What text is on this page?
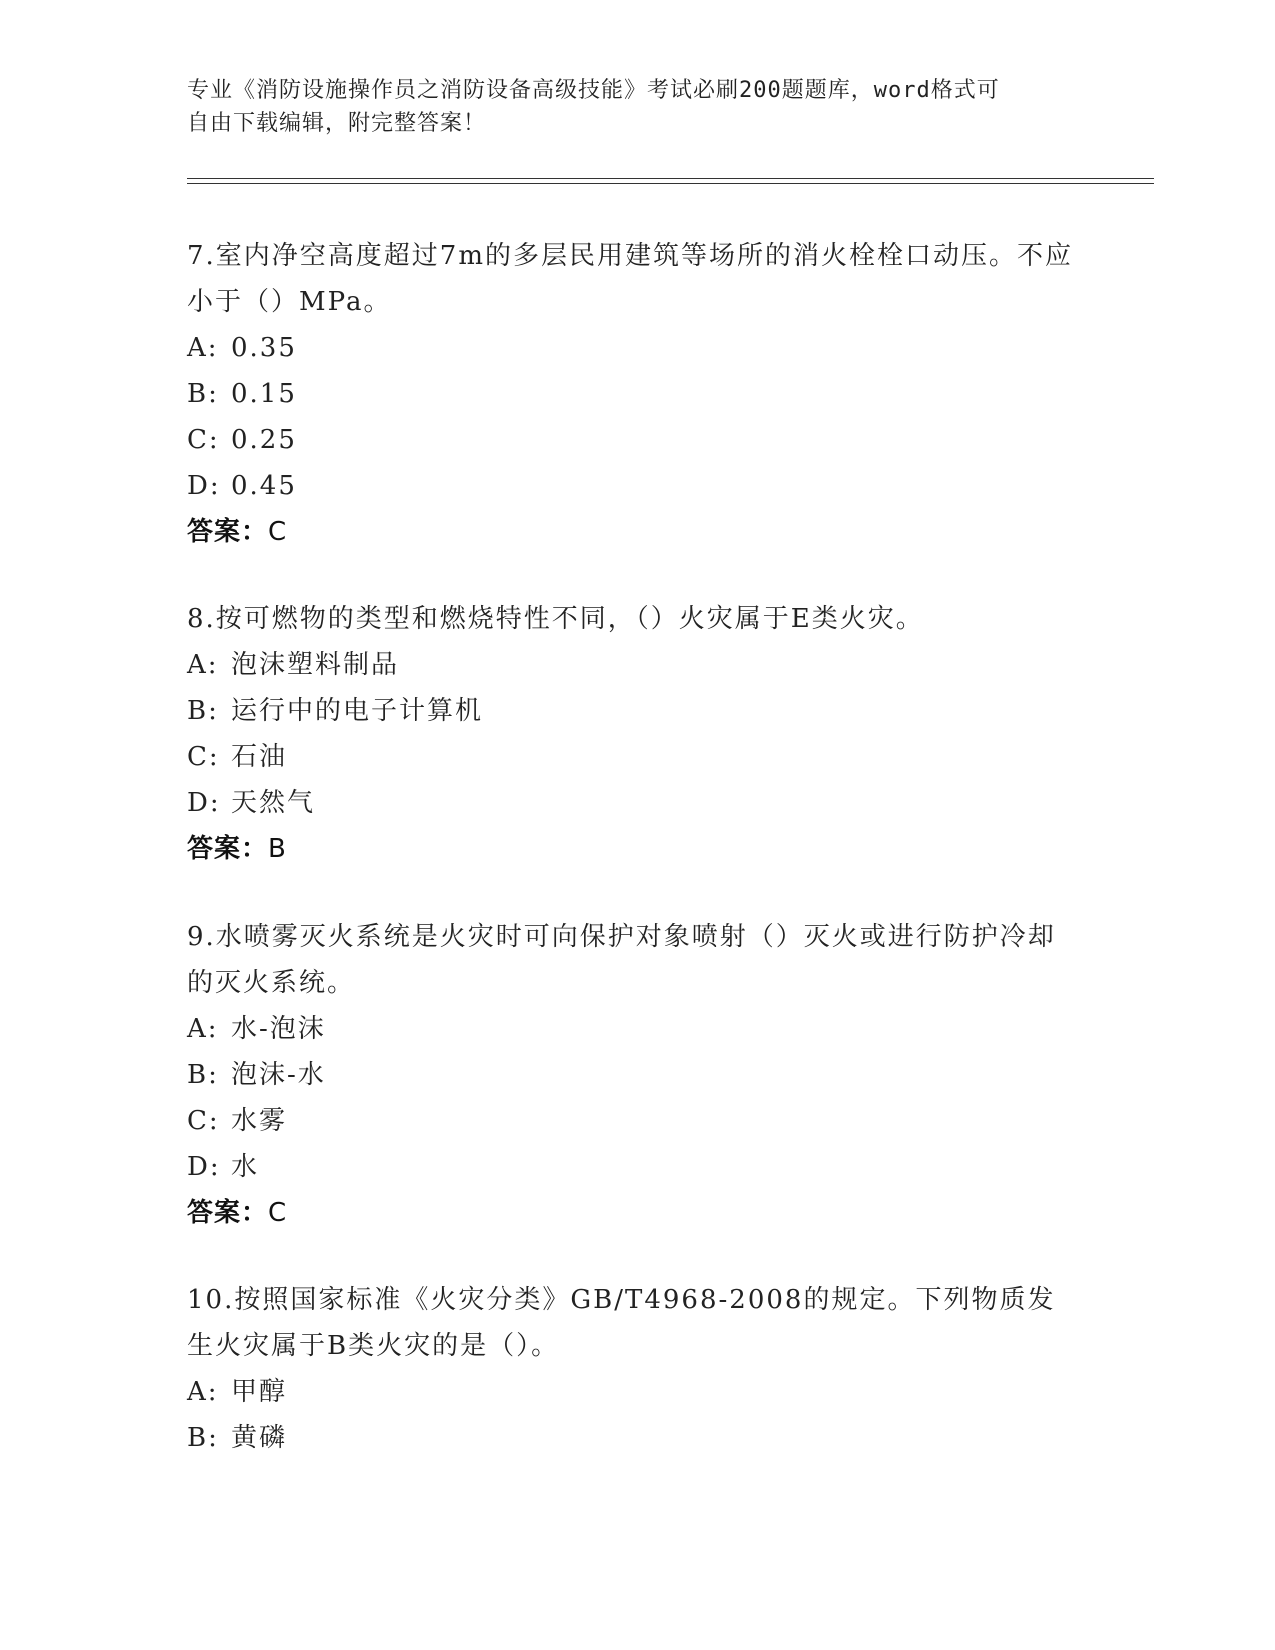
专业《消防设施操作员之消防设备高级技能》考试必刷200题题库，word格式可
自由下载编辑，附完整答案！
7.室内净空高度超过7m的多层民用建筑等场所的消火栓栓口动压。不应小于（）MPa。
A: 0.35
B: 0.15
C: 0.25
D: 0.45
答案：C
8.按可燃物的类型和燃烧特性不同，（）火灾属于E类火灾。
A: 泡沫塑料制品
B: 运行中的电子计算机
C: 石油
D: 天然气
答案：B
9.水喷雾灭火系统是火灾时可向保护对象喷射（）灭火或进行防护冷却的灭火系统。
A: 水-泡沫
B: 泡沫-水
C: 水雾
D: 水
答案：C
10.按照国家标准《火灾分类》GB/T4968-2008的规定。下列物质发生火灾属于B类火灾的是（）。
A: 甲醇
B: 黄磷
